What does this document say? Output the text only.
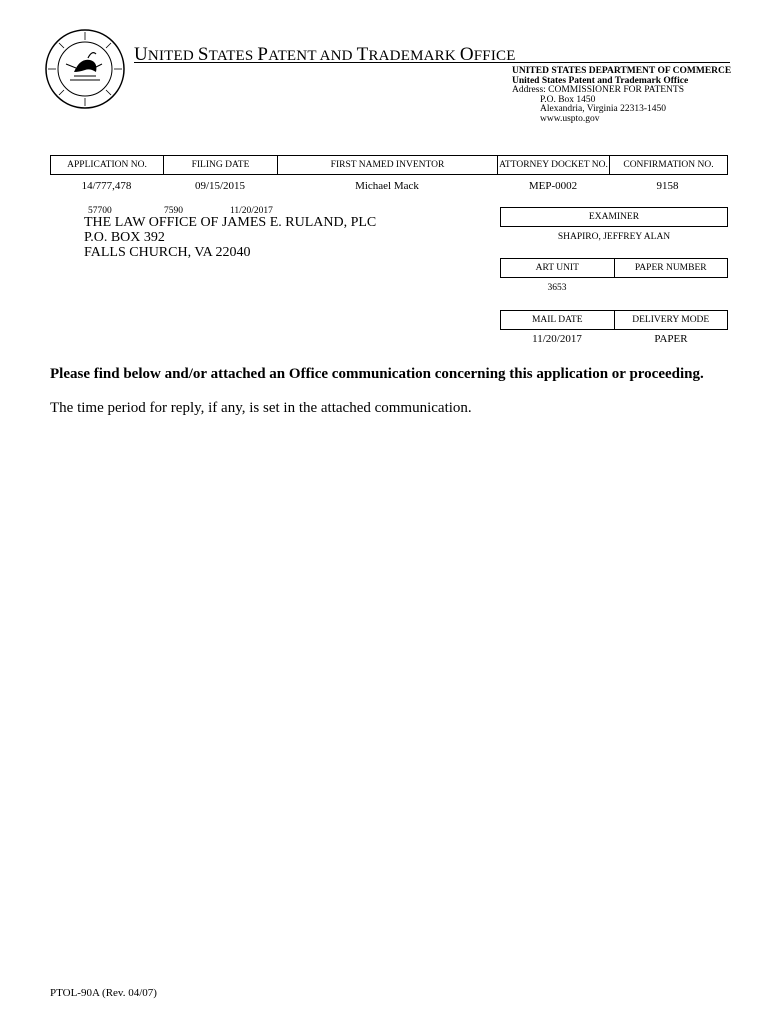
UNITED STATES PATENT AND TRADEMARK OFFICE
UNITED STATES DEPARTMENT OF COMMERCE
United States Patent and Trademark Office
Address: COMMISSIONER FOR PATENTS
P.O. Box 1450
Alexandria, Virginia 22313-1450
www.uspto.gov
APPLICATION NO.	FILING DATE	FIRST NAMED INVENTOR	ATTORNEY DOCKET NO.	CONFIRMATION NO.
14/777,478	09/15/2015	Michael Mack	MEP-0002	9158
57700	7590	11/20/2017
THE LAW OFFICE OF JAMES E. RULAND, PLC
P.O. BOX 392
FALLS CHURCH, VA 22040
EXAMINER
SHAPIRO, JEFFREY ALAN
ART UNIT	PAPER NUMBER
3653
MAIL DATE	DELIVERY MODE
11/20/2017	PAPER
Please find below and/or attached an Office communication concerning this application or proceeding.
The time period for reply, if any, is set in the attached communication.
PTOL-90A (Rev. 04/07)
